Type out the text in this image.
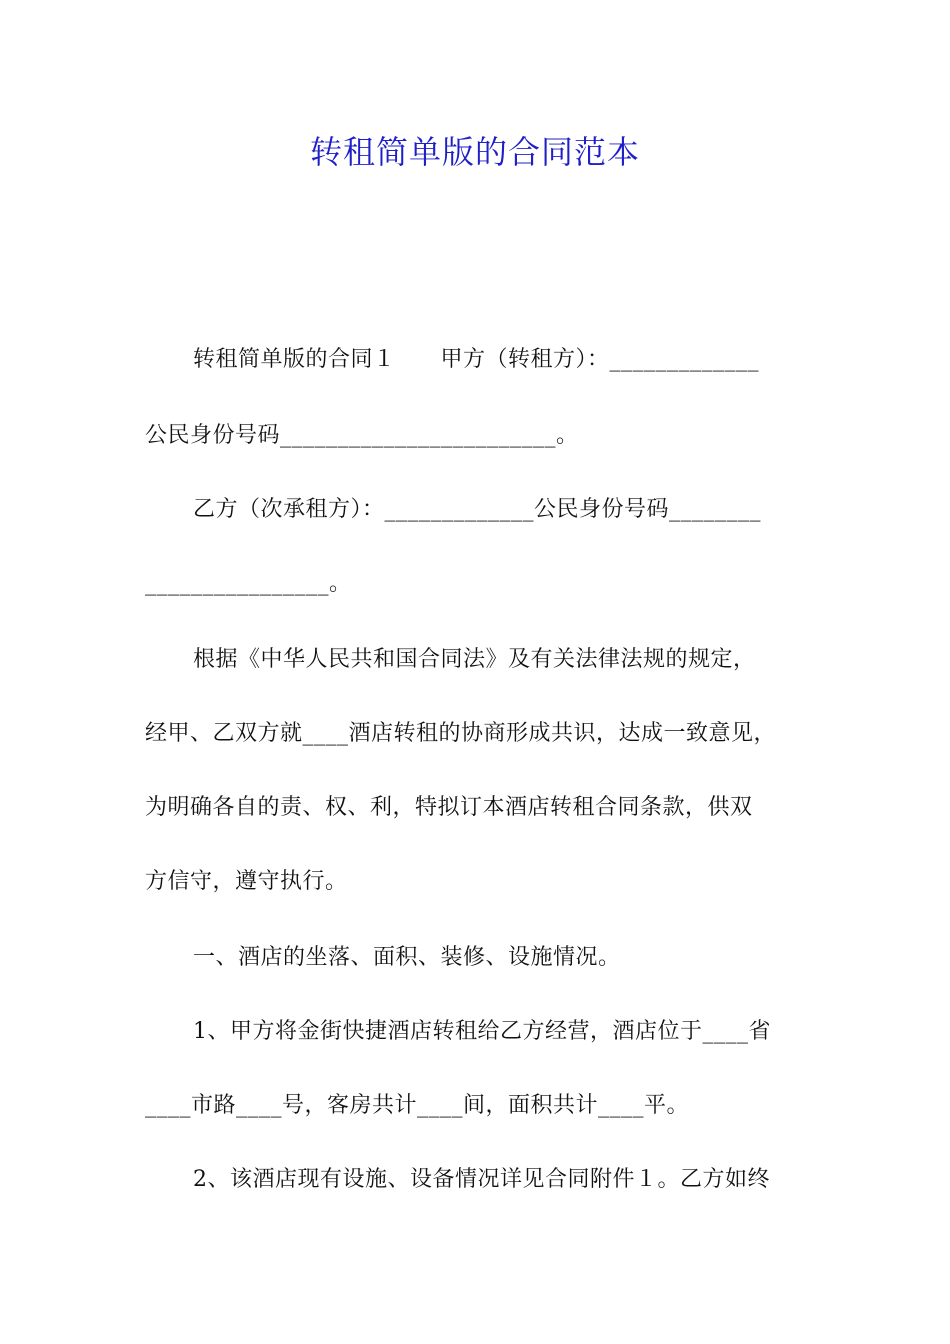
转租简单版的合同范本
转租简单版的合同１　　甲方（转租方）：_____________
公民身份号码________________________。
乙方（次承租方）：_____________公民身份号码________
________________。
根据《中华人民共和国合同法》及有关法律法规的规定，
经甲、乙双方就____酒店转租的协商形成共识，达成一致意见，
为明确各自的责、权、利，特拟订本酒店转租合同条款，供双
方信守，遵守执行。
一、酒店的坐落、面积、装修、设施情况。
1、甲方将金街快捷酒店转租给乙方经营，酒店位于____省
____市路____号，客房共计____间，面积共计____平。
2、该酒店现有设施、设备情况详见合同附件１。乙方如终
